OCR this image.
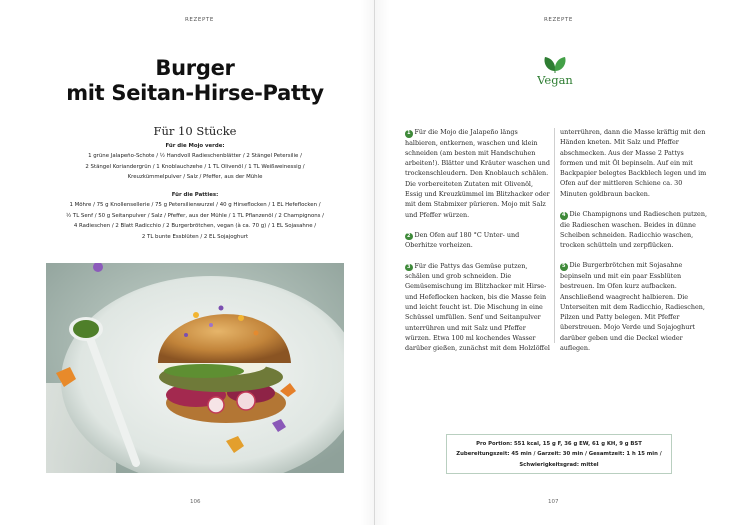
REZEPTE
Burger
mit Seitan-Hirse-Patty
Für 10 Stücke
Für die Mojo verde:
1 grüne Jalapeño-Schote / ½ Handvoll Radieschenblätter / 2 Stängel Petersilie /
2 Stängel Koriandergrün / 1 Knoblauchzehe / 1 TL Olivenöl / 1 TL Weißweinessig /
Kreuzkümmelpulver / Salz / Pfeffer, aus der Mühle
Für die Patties:
1 Möhre / 75 g Knollensellerie / 75 g Petersilienwurzel / 40 g Hirseflocken / 1 EL Hefeflocken /
½ TL Senf / 50 g Seitanpulver / Salz / Pfeffer, aus der Mühle / 1 TL Pflanzenöl / 2 Champignons /
4 Radieschen / 2 Blatt Radicchio / 2 Burgerbrötchen, vegan (à ca. 70 g) / 1 EL Sojasahne /
2 TL bunte Essblüten / 2 EL Sojajoghurt
106
REZEPTE
Vegan

1 Für die Mojo die Jalapeño längs halbieren, entkernen, waschen und klein schneiden (am besten mit Handschuhen arbeiten!). Blätter und Kräuter waschen und trockenschleudern. Den Knoblauch schälen. Die vorbereiteten Zutaten mit Olivenöl, Essig und Kreuzkümmel im Blitzhacker oder mit dem Stabmixer pürieren. Mojo mit Salz und Pfeffer würzen.

2 Den Ofen auf 180 °C Unter- und Oberhitze vorheizen.

3 Für die Pattys das Gemüse putzen, schälen und grob schneiden. Die Gemüsemischung im Blitzhacker mit Hirse- und Hefeflocken hacken, bis die Masse fein und leicht feucht ist. Die Mischung in eine Schüssel umfüllen. Senf und Seitanpulver unterrühren und mit Salz und Pfeffer würzen. Etwa 100 ml kochendes Wasser darüber gießen, zunächst mit dem Holzlöffel

unterrühren, dann die Masse kräftig mit den Händen kneten. Mit Salz und Pfeffer abschmecken. Aus der Masse 2 Pattys formen und mit Öl bepinseln. Auf ein mit Backpapier belegtes Backblech legen und im Ofen auf der mittleren Schiene ca. 30 Minuten goldbraun backen.

4 Die Champignons und Radieschen putzen, die Radieschen waschen. Beides in dünne Scheiben schneiden. Radicchio waschen, trocken schütteln und zerpflücken.

5 Die Burgerbrötchen mit Sojasahne bepinseln und mit ein paar Essblüten bestreuen. Im Ofen kurz aufbacken. Anschließend waagrecht halbieren. Die Unterseiten mit dem Radicchio, Radieschen, Pilzen und Patty belegen. Mit Pfeffer überstreuen. Mojo Verde und Sojajoghurt darüber geben und die Deckel wieder auflegen.

Pro Portion: 551 kcal, 15 g F, 36 g EW, 61 g KH, 9 g BST
Zubereitungszeit: 45 min / Garzeit: 30 min / Gesamtzeit: 1 h 15 min /
Schwierigkeitsgrad: mittel
107
